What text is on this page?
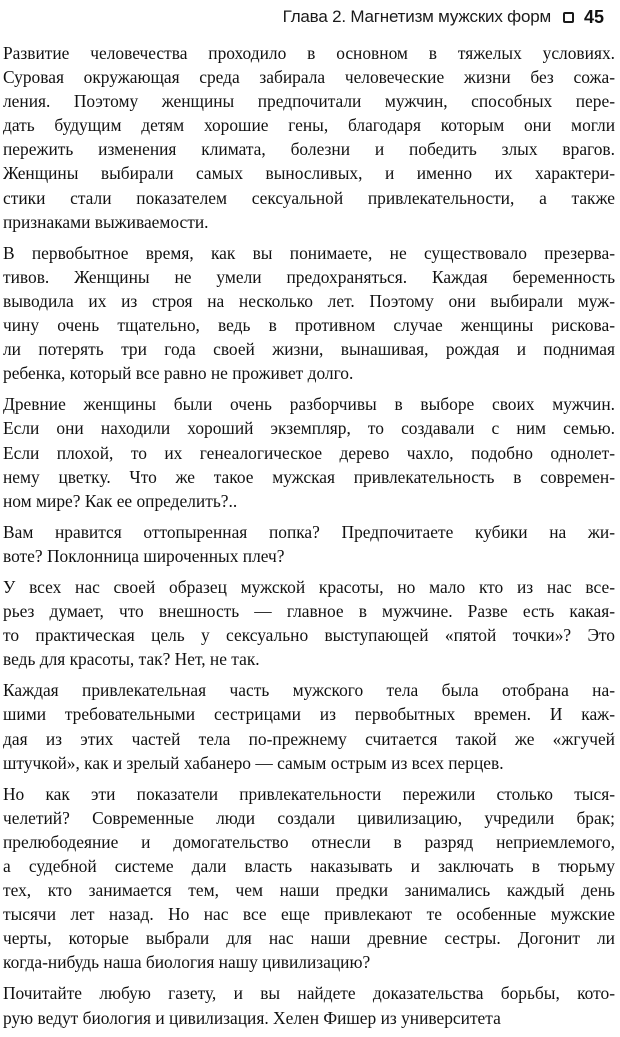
Глава 2. Магнетизм мужских форм 45
Развитие человечества проходило в основном в тяжелых условиях.
Суровая окружающая среда забирала человеческие жизни без сожа-
ления. Поэтому женщины предпочитали мужчин, способных пере-
дать будущим детям хорошие гены, благодаря которым они могли
пережить изменения климата, болезни и победить злых врагов.
Женщины выбирали самых выносливых, и именно их характери-
стики стали показателем сексуальной привлекательности, а также
признаками выживаемости.
В первобытное время, как вы понимаете, не существовало презерва-
тивов. Женщины не умели предохраняться. Каждая беременность
выводила их из строя на несколько лет. Поэтому они выбирали муж-
чину очень тщательно, ведь в противном случае женщины рискова-
ли потерять три года своей жизни, вынашивая, рождая и поднимая
ребенка, который все равно не проживет долго.
Древние женщины были очень разборчивы в выборе своих мужчин.
Если они находили хороший экземпляр, то создавали с ним семью.
Если плохой, то их генеалогическое дерево чахло, подобно однолет-
нему цветку. Что же такое мужская привлекательность в современ-
ном мире? Как ее определить?..
Вам нравится оттопыренная попка? Предпочитаете кубики на жи-
воте? Поклонница широченных плеч?
У всех нас своей образец мужской красоты, но мало кто из нас все-
рьез думает, что внешность — главное в мужчине. Разве есть какая-
то практическая цель у сексуально выступающей «пятой точки»? Это
ведь для красоты, так? Нет, не так.
Каждая привлекательная часть мужского тела была отобрана на-
шими требовательными сестрицами из первобытных времен. И каж-
дая из этих частей тела по-прежнему считается такой же «жгучей
штучкой», как и зрелый хабанеро — самым острым из всех перцев.
Но как эти показатели привлекательности пережили столько тыся-
челетий? Современные люди создали цивилизацию, учредили брак;
прелюбодеяние и домогательство отнесли в разряд неприемлемого,
а судебной системе дали власть наказывать и заключать в тюрьму
тех, кто занимается тем, чем наши предки занимались каждый день
тысячи лет назад. Но нас все еще привлекают те особенные мужские
черты, которые выбрали для нас наши древние сестры. Догонит ли
когда-нибудь наша биология нашу цивилизацию?
Почитайте любую газету, и вы найдете доказательства борьбы, кото-
рую ведут биология и цивилизация. Хелен Фишер из университета
